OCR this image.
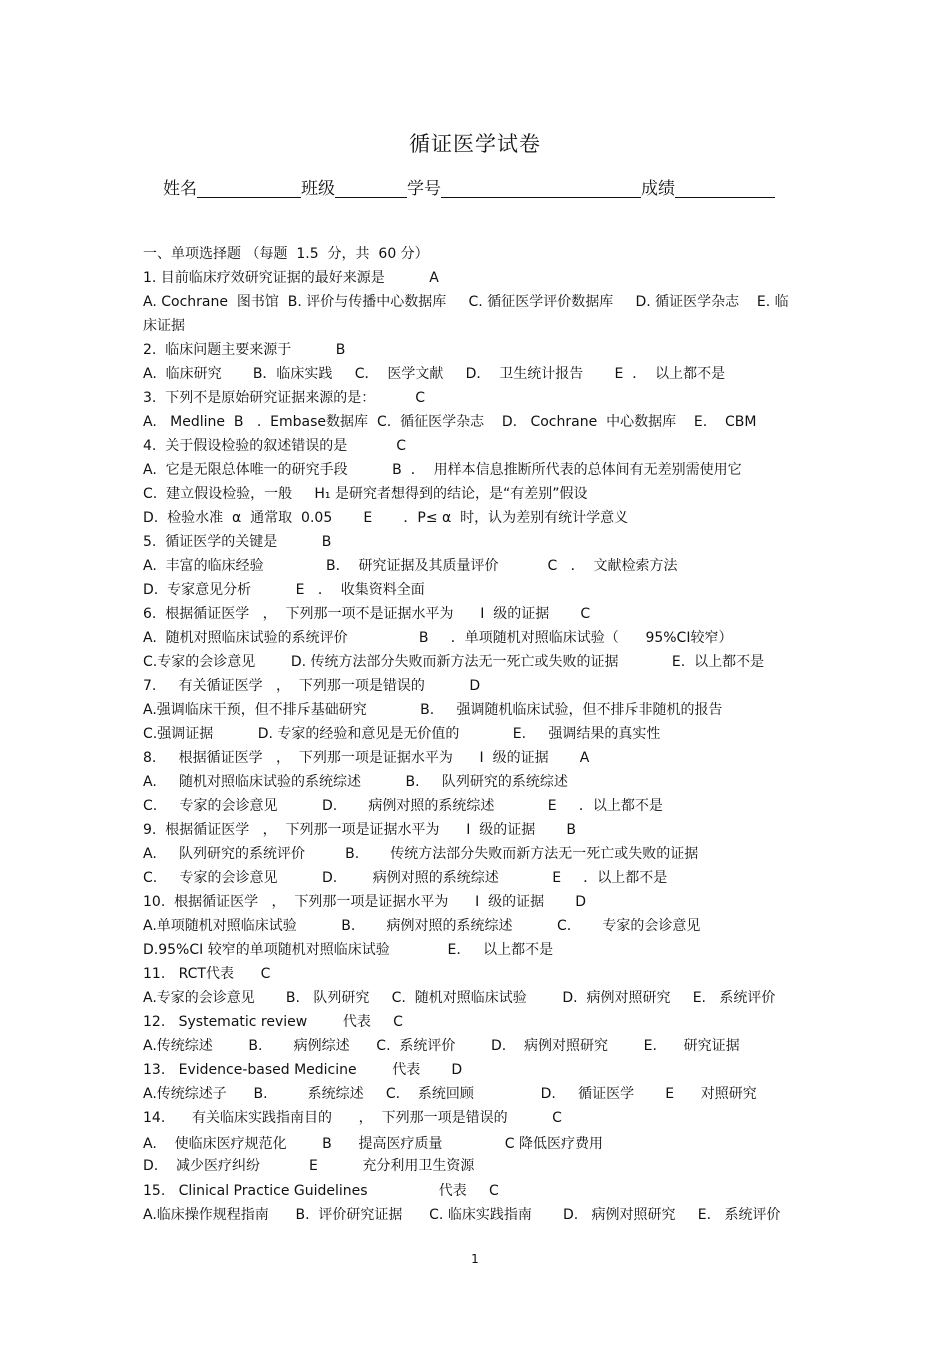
循证医学试卷
姓名	班级	学号	成绩
一、单项选择题 （每题  1.5  分，共  60 分）
1. 目前临床疗效研究证据的最好来源是          A
A. Cochrane  图书馆  B. 评价与传播中心数据库     C. 循征医学评价数据库     D. 循证医学杂志    E. 临
床证据
2.  临床问题主要来源于          B
A.  临床研究       B．临床实践     C．  医学文献     D．  卫生统计报告       E  ．  以上都不是
3.  下列不是原始研究证据来源的是：         C
A.   Medline  B   .  Embase数据库  C.  循征医学杂志    D.   Cochrane  中心数据库    E.    CBM
4.  关于假设检验的叙述错误的是           C
A.  它是无限总体唯一的研究手段          B  ．  用样本信息推断所代表的总体间有无差别需使用它
C.  建立假设检验，一般     H₁ 是研究者想得到的结论，是“有差别”假设
D.  检验水准  α  通常取  0.05       E       ．P≤ α  时，认为差别有统计学意义
5.  循证医学的关键是          B
A.  丰富的临床经验              B．  研究证据及其质量评价           C   ．  文献检索方法
D.  专家意见分析          E   ．  收集资料全面
6.  根据循证医学   ，  下列那一项不是证据水平为      I  级的证据       C
A.  随机对照临床试验的系统评价                B     ．单项随机对照临床试验（      95%CI较窄）
C.专家的会诊意见        D. 传统方法部分失败而新方法无一死亡或失败的证据            E.  以上都不是
7.     有关循证医学   ，  下列那一项是错误的          D
A.强调临床干预，但不排斥基础研究            B.     强调随机临床试验，但不排斥非随机的报告
C.强调证据          D. 专家的经验和意见是无价值的            E.     强调结果的真实性
8.     根据循证医学   ，  下列那一项是证据水平为      I  级的证据       A
A.     随机对照临床试验的系统综述          B.     队列研究的系统综述
C.     专家的会诊意见          D.       病例对照的系统综述            E     ．以上都不是
9.  根据循证医学   ，  下列那一项是证据水平为      I  级的证据       B
A.     队列研究的系统评价         B.       传统方法部分失败而新方法无一死亡或失败的证据
C.     专家的会诊意见          D.        病例对照的系统综述            E     ．以上都不是
10.  根据循证医学   ，  下列那一项是证据水平为      I  级的证据       D
A.单项随机对照临床试验          B.       病例对照的系统综述          C.       专家的会诊意见
D.95%CI 较窄的单项随机对照临床试验             E.     以上都不是
11.   RCT代表      C
A.专家的会诊意见       B.   队列研究     C.  随机对照临床试验        D.  病例对照研究     E.   系统评价
12.   Systematic review        代表     C
A.传统综述        B.       病例综述      C.  系统评价        D.    病例对照研究        E.      研究证据
13.   Evidence-based Medicine        代表       D
A.传统综述子      B.         系统综述     C.    系统回顾               D.     循证医学       E      对照研究
14.      有关临床实践指南目的      ，  下列那一项是错误的          C
A.    使临床医疗规范化        B      提高医疗质量              C 降低医疗费用
D.    减少医疗纠纷           E          充分利用卫生资源
15.   Clinical Practice Guidelines                代表     C
A.临床操作规程指南      B.  评价研究证据      C. 临床实践指南       D.   病例对照研究     E.   系统评价
1
